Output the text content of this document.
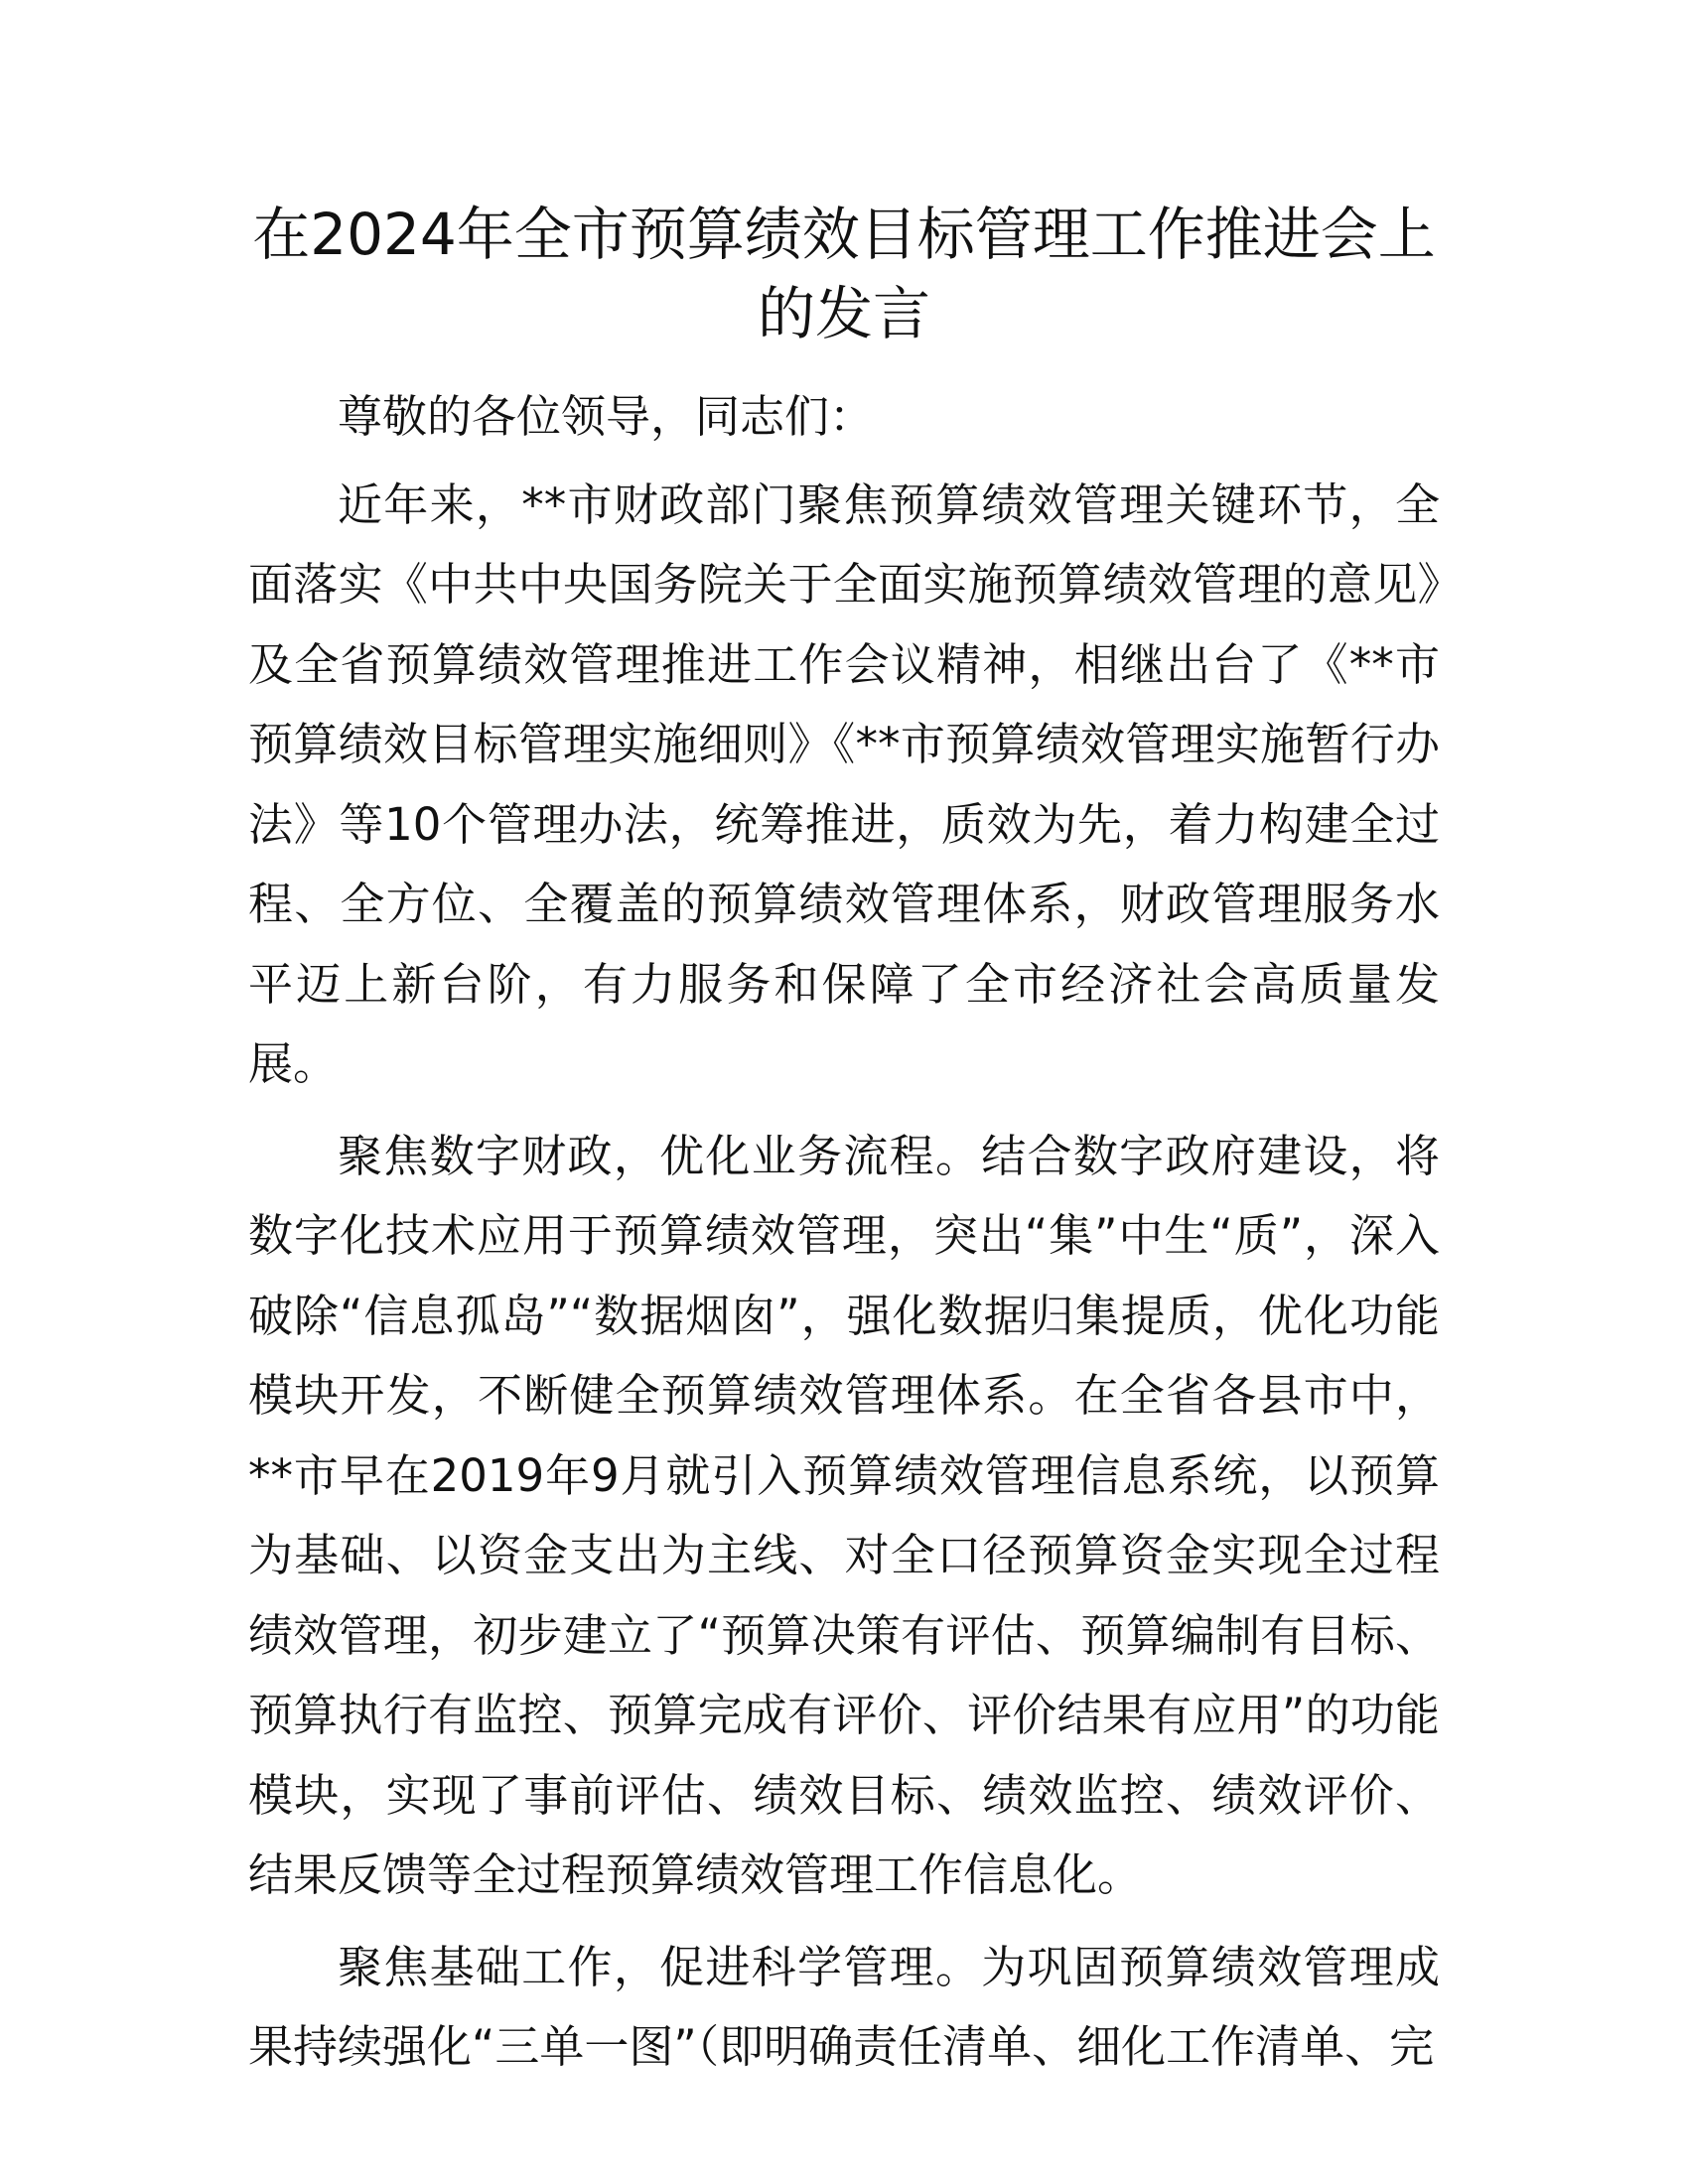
在2024年全市预算绩效目标管理工作推进会上的发言

尊敬的各位领导，同志们：

近年来，**市财政部门聚焦预算绩效管理关键环节，全面落实《中共中央国务院关于全面实施预算绩效管理的意见》及全省预算绩效管理推进工作会议精神，相继出台了《**市预算绩效目标管理实施细则》《**市预算绩效管理实施暂行办法》等10个管理办法，统筹推进，质效为先，着力构建全过程、全方位、全覆盖的预算绩效管理体系，财政管理服务水平迈上新台阶，有力服务和保障了全市经济社会高质量发展。

聚焦数字财政，优化业务流程。结合数字政府建设，将数字化技术应用于预算绩效管理，突出“集”中生“质”，深入破除“信息孤岛”“数据烟囱”，强化数据归集提质，优化功能模块开发，不断健全预算绩效管理体系。在全省各县市中，**市早在2019年9月就引入预算绩效管理信息系统，以预算为基础、以资金支出为主线、对全口径预算资金实现全过程绩效管理，初步建立了“预算决策有评估、预算编制有目标、预算执行有监控、预算完成有评价、评价结果有应用”的功能模块，实现了事前评估、绩效目标、绩效监控、绩效评价、结果反馈等全过程预算绩效管理工作信息化。

聚焦基础工作，促进科学管理。为巩固预算绩效管理成果持续强化“三单一图”（即明确责任清单、细化工作清单、完
